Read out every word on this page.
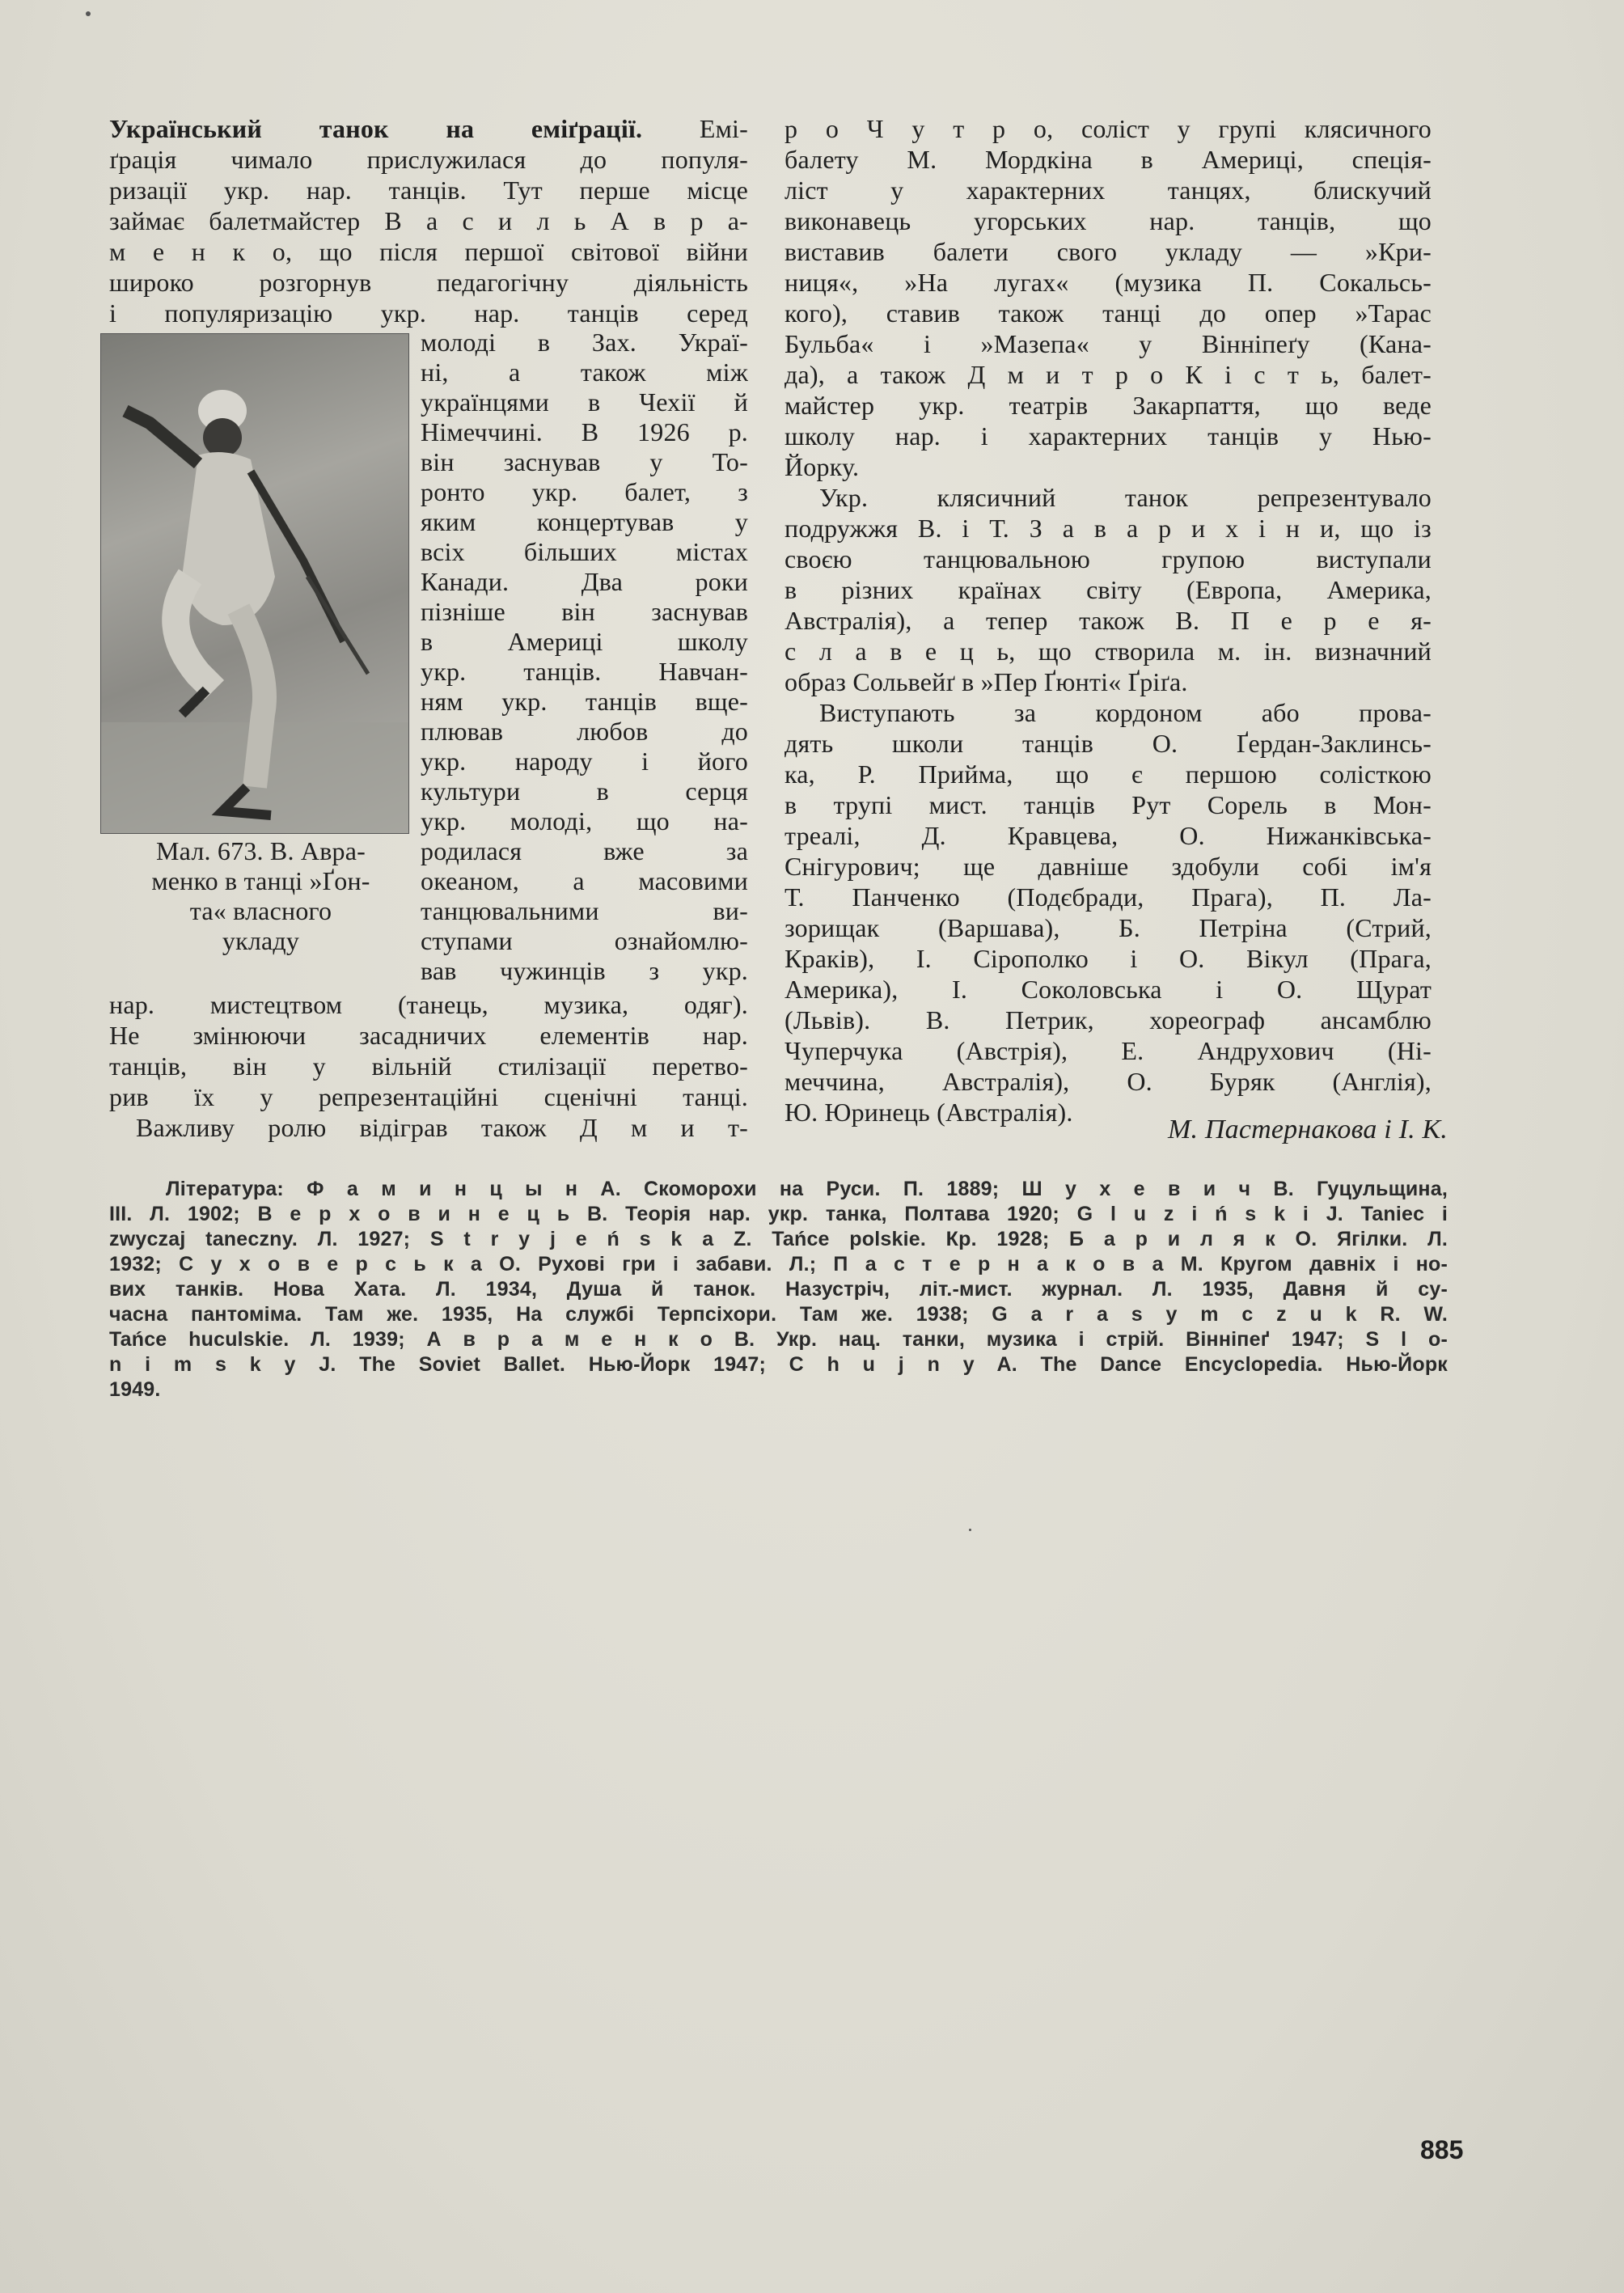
Український танок на еміґрації. Емі-
ґрація чимало прислужилася до популя-
ризації укр. нар. танців. Тут перше місце
займає балетмайстер В а с и л ь А в р а-
м е н к о, що після першої світової війни
широко розгорнув педагогічну діяльність
і популяризацію укр. нар. танців серед
молоді в Зах. Украї-
ні, а також між
українцями в Чехії й
Німеччині. В 1926 р.
він заснував у То-
ронто укр. балет, з
яким концертував у
всіх більших містах
Канади. Два роки
пізніше він заснував
в Америці школу
укр. танців. Навчан-
ням укр. танців вще-
плював любов до
укр. народу і його
культури в серця
укр. молоді, що на-
родилася вже за
океаном, а масовими
танцювальними ви-
ступами ознайомлю-
вав чужинців з укр.
Мал. 673. В. Авра-
менко в танці »Ґон-
та« власного
укладу
нар. мистецтвом (танець, музика, одяг).
Не змінюючи засадничих елементів нар.
танців, він у вільній стилізації перетво-
рив їх у репрезентаційні сценічні танці.
Важливу ролю відіграв також Д м и т-
р о Ч у т р о, соліст у групі клясичного
балету М. Мордкіна в Америці, спеція-
ліст у характерних танцях, блискучий
виконавець угорських нар. танців, що
виставив балети свого укладу — »Кри-
ниця«, »На лугах« (музика П. Сокальсь-
кого), ставив також танці до опер »Тарас
Бульба« і »Мазепа« у Вінніпеґу (Кана-
да), а також Д м и т р о К і с т ь, балет-
майстер укр. театрів Закарпаття, що веде
школу нар. і характерних танців у Нью-
Йорку.
Укр. клясичний танок репрезентувало
подружжя В. і Т. З а в а р и х і н и, що із
своєю танцювальною групою виступали
в різних країнах світу (Европа, Америка,
Австралія), а тепер також В. П е р е я-
с л а в е ц ь, що створила м. ін. визначний
образ Сольвейґ в »Пер Ґюнті« Ґріґа.
Виступають за кордоном або прова-
дять школи танців О. Ґердан-Заклинсь-
ка, Р. Прийма, що є першою солісткою
в трупі мист. танців Рут Сорель в Мон-
треалі, Д. Кравцева, О. Нижанківська-
Снігурович; ще давніше здобули собі ім'я
Т. Панченко (Подєбради, Прага), П. Ла-
зорищак (Варшава), Б. Петріна (Стрий,
Краків), І. Сірополко і О. Вікул (Прага,
Америка), І. Соколовська і О. Щурат
(Львів). В. Петрик, хореограф ансамблю
Чуперчука (Австрія), Е. Андрухович (Ні-
меччина, Австралія), О. Буряк (Англія),
Ю. Юринець (Австралія).
М. Пастернакова і І. К.
Література: Ф а м и н ц ы н А. Скоморохи на Руси. П. 1889; Ш у х е в и ч В. Гуцульщина,
III. Л. 1902; В е р х о в и н е ц ь В. Теорія нар. укр. танка, Полтава 1920; G l u z i ń s k i J. Taniec i
zwyczaj taneczny. Л. 1927; S t r y j e ń s k a Z. Tańce polskie. Кр. 1928; Б а р и л я к О. Ягілки. Л.
1932; С у х о в е р с ь к а О. Рухові гри і забави. Л.; П а с т е р н а к о в а М. Кругом давніх і но-
вих танків. Нова Хата. Л. 1934, Душа й танок. Назустріч, літ.-мист. журнал. Л. 1935, Давня й су-
часна пантоміма. Там же. 1935, На службі Терпсіхори. Там же. 1938; G a r a s y m c z u k R. W.
Tańce huculskie. Л. 1939; А в р а м е н к о В. Укр. нац. танки, музика і стрій. Вінніпеґ 1947; S l o-
n i m s k y J. The Soviet Ballet. Нью-Йорк 1947; C h u j n y A. The Dance Encyclopedia. Нью-Йорк
1949.
885
